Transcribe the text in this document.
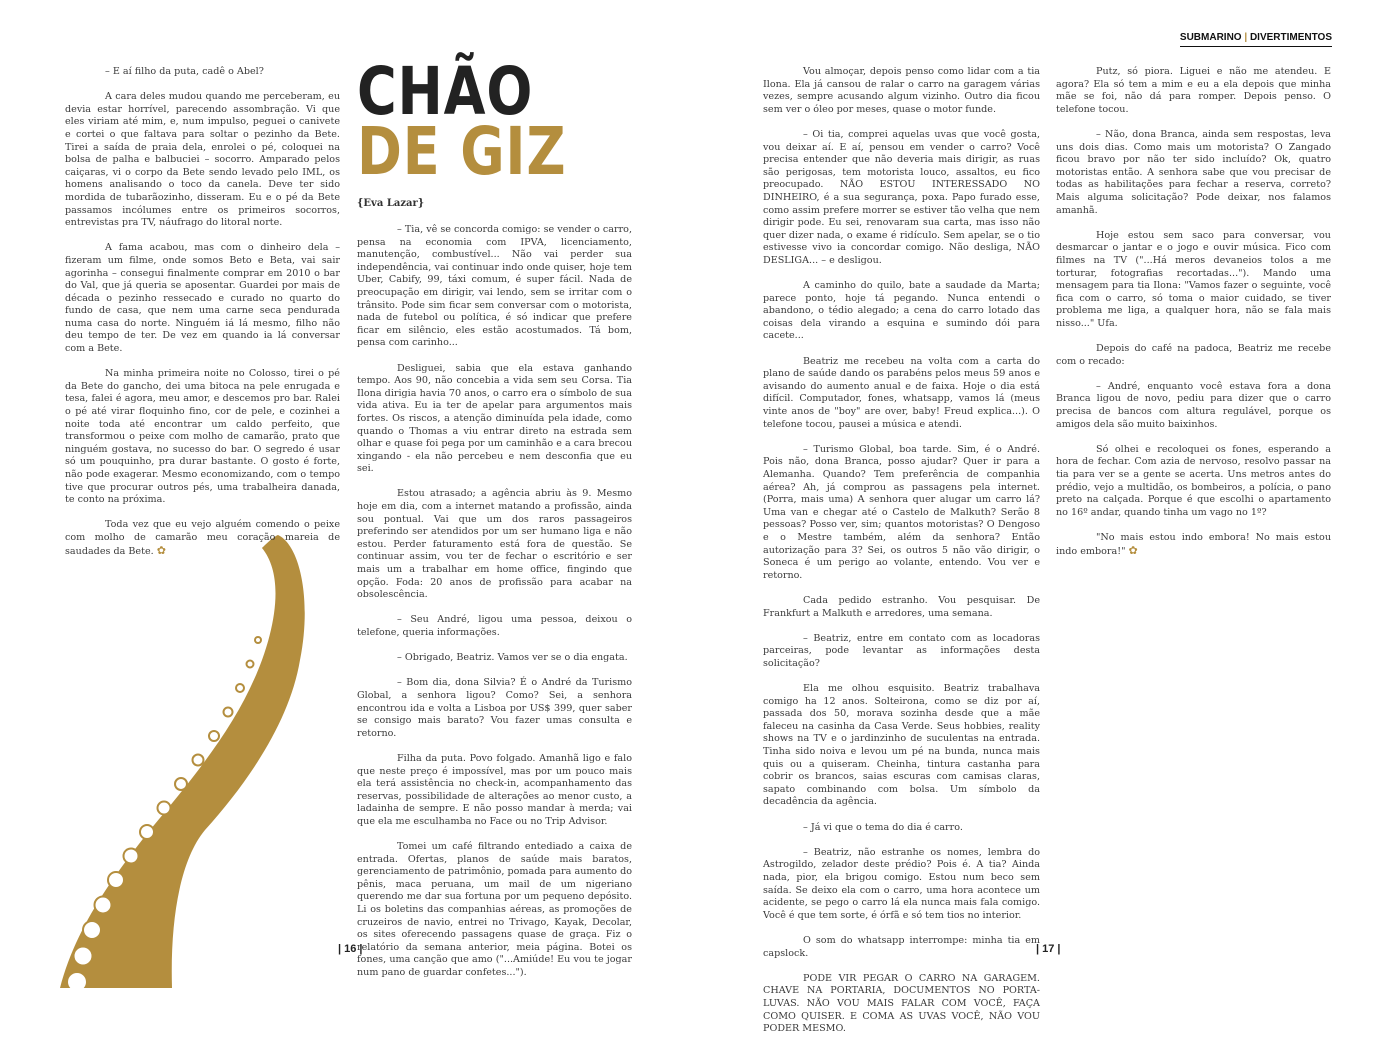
– E aí filho da puta, cadê o Abel?

A cara deles mudou quando me perceberam, eu devia estar horrível, parecendo assombração. Vi que eles viriam até mim, e, num impulso, peguei o canivete e cortei o que faltava para soltar o pezinho da Bete. Tirei a saída de praia dela, enrolei o pé, coloquei na bolsa de palha e balbuciei – socorro. Amparado pelos caiçaras, vi o corpo da Bete sendo levado pelo IML, os homens analisando o toco da canela. Deve ter sido mordida de tubarãozinho, disseram. Eu e o pé da Bete passamos incólumes entre os primeiros socorros, entrevistas pra TV, náufrago do litoral norte.

A fama acabou, mas com o dinheiro dela – fizeram um filme, onde somos Beto e Beta, vai sair agorinha – consegui finalmente comprar em 2010 o bar do Val, que já queria se aposentar. Guardei por mais de década o pezinho ressecado e curado no quarto do fundo de casa, que nem uma carne seca pendurada numa casa do norte. Ninguém iá lá mesmo, filho não deu tempo de ter. De vez em quando ia lá conversar com a Bete.

Na minha primeira noite no Colosso, tirei o pé da Bete do gancho, dei uma bitoca na pele enrugada e tesa, falei é agora, meu amor, e descemos pro bar. Ralei o pé até virar floquinho fino, cor de pele, e cozinhei a noite toda até encontrar um caldo perfeito, que transformou o peixe com molho de camarão, prato que ninguém gostava, no sucesso do bar. O segredo é usar só um pouquinho, pra durar bastante. O gosto é forte, não pode exagerar. Mesmo economizando, com o tempo tive que procurar outros pés, uma trabalheira danada, te conto na próxima.

Toda vez que eu vejo alguém comendo o peixe com molho de camarão meu coração mareia de saudades da Bete. ✿

CHÃO
DE GIZ
{Eva Lazar}

– Tia, vê se concorda comigo: se vender o carro, pensa na economia com IPVA, licenciamento, manutenção, combustível... Não vai perder sua independência, vai continuar indo onde quiser, hoje tem Uber, Cabify, 99, táxi comum, é super fácil. Nada de preocupação em dirigir, vai lendo, sem se irritar com o trânsito. Pode sim ficar sem conversar com o motorista, nada de futebol ou política, é só indicar que prefere ficar em silêncio, eles estão acostumados. Tá bom, pensa com carinho...

Desliguei, sabia que ela estava ganhando tempo. Aos 90, não concebia a vida sem seu Corsa. Tia Ilona dirigia havia 70 anos, o carro era o símbolo de sua vida ativa. Eu ia ter de apelar para argumentos mais fortes. Os riscos, a atenção diminuída pela idade, como quando o Thomas a viu entrar direto na estrada sem olhar e quase foi pega por um caminhão e a cara brecou xingando - ela não percebeu e nem desconfia que eu sei.

Estou atrasado; a agência abriu às 9. Mesmo hoje em dia, com a internet matando a profissão, ainda sou pontual. Vai que um dos raros passageiros preferindo ser atendidos por um ser humano liga e não estou. Perder faturamento está fora de questão. Se continuar assim, vou ter de fechar o escritório e ser mais um a trabalhar em home office, fingindo que opção. Foda: 20 anos de profissão para acabar na obsolescência.

– Seu André, ligou uma pessoa, deixou o telefone, queria informações.

– Obrigado, Beatriz. Vamos ver se o dia engata.

– Bom dia, dona Silvia? É o André da Turismo Global, a senhora ligou? Como? Sei, a senhora encontrou ida e volta a Lisboa por US$ 399, quer saber se consigo mais barato? Vou fazer umas consulta e retorno.

Filha da puta. Povo folgado. Amanhã ligo e falo que neste preço é impossível, mas por um pouco mais ela terá assistência no check-in, acompanhamento das reservas, possibilidade de alterações ao menor custo, a ladainha de sempre. E não posso mandar à merda; vai que ela me esculhamba no Face ou no Trip Advisor.

Tomei um café filtrando entediado a caixa de entrada. Ofertas, planos de saúde mais baratos, gerenciamento de patrimônio, pomada para aumento do pênis, maca peruana, um mail de um nigeriano querendo me dar sua fortuna por um pequeno depósito. Li os boletins das companhias aéreas, as promoções de cruzeiros de navio, entrei no Trivago, Kayak, Decolar, os sites oferecendo passagens quase de graça. Fiz o relatório da semana anterior, meia página. Botei os fones, uma canção que amo ("...Amiúde! Eu vou te jogar num pano de guardar confetes...").

| 16 |
SUBMARINO | DIVERTIMENTOS

Vou almoçar, depois penso como lidar com a tia Ilona. Ela já cansou de ralar o carro na garagem várias vezes, sempre acusando algum vizinho. Outro dia ficou sem ver o óleo por meses, quase o motor funde.

– Oi tia, comprei aquelas uvas que você gosta, vou deixar aí. E aí, pensou em vender o carro? Você precisa entender que não deveria mais dirigir, as ruas são perigosas, tem motorista louco, assaltos, eu fico preocupado. NÃO ESTOU INTERESSADO NO DINHEIRO, é a sua segurança, poxa. Papo furado esse, como assim prefere morrer se estiver tão velha que nem dirigir pode. Eu sei, renovaram sua carta, mas isso não quer dizer nada, o exame é ridículo. Sem apelar, se o tio estivesse vivo ia concordar comigo. Não desliga, NÃO DESLIGA... – e desligou.

A caminho do quilo, bate a saudade da Marta; parece ponto, hoje tá pegando. Nunca entendi o abandono, o tédio alegado; a cena do carro lotado das coisas dela virando a esquina e sumindo dói para cacete...

Beatriz me recebeu na volta com a carta do plano de saúde dando os parabéns pelos meus 59 anos e avisando do aumento anual e de faixa. Hoje o dia está difícil. Computador, fones, whatsapp, vamos lá (meus vinte anos de "boy" are over, baby! Freud explica...). O telefone tocou, pausei a música e atendi.

– Turismo Global, boa tarde. Sim, é o André. Pois não, dona Branca, posso ajudar? Quer ir para a Alemanha. Quando? Tem preferência de companhia aérea? Ah, já comprou as passagens pela internet. (Porra, mais uma) A senhora quer alugar um carro lá? Uma van e chegar até o Castelo de Malkuth? Serão 8 pessoas? Posso ver, sim; quantos motoristas? O Dengoso e o Mestre também, além da senhora? Então autorização para 3? Sei, os outros 5 não vão dirigir, o Soneca é um perigo ao volante, entendo. Vou ver e retorno.

Cada pedido estranho. Vou pesquisar. De Frankfurt a Malkuth e arredores, uma semana.

– Beatriz, entre em contato com as locadoras parceiras, pode levantar as informações desta solicitação?

Ela me olhou esquisito. Beatriz trabalhava comigo ha 12 anos. Solteirona, como se diz por aí, passada dos 50, morava sozinha desde que a mãe faleceu na casinha da Casa Verde. Seus hobbies, reality shows na TV e o jardinzinho de suculentas na entrada. Tinha sido noiva e levou um pé na bunda, nunca mais quis ou a quiseram. Cheinha, tintura castanha para cobrir os brancos, saias escuras com camisas claras, sapato combinando com bolsa. Um símbolo da decadência da agência.

– Já vi que o tema do dia é carro.

– Beatriz, não estranhe os nomes, lembra do Astrogildo, zelador deste prédio? Pois é. A tia? Ainda nada, pior, ela brigou comigo. Estou num beco sem saída. Se deixo ela com o carro, uma hora acontece um acidente, se pego o carro lá ela nunca mais fala comigo. Você é que tem sorte, é órfã e só tem tios no interior.

O som do whatsapp interrompe: minha tia em capslock.

PODE VIR PEGAR O CARRO NA GARAGEM. CHAVE NA PORTARIA, DOCUMENTOS NO PORTA-LUVAS. NÃO VOU MAIS FALAR COM VOCÊ, FAÇA COMO QUISER. E COMA AS UVAS VOCÊ, NÃO VOU PODER MESMO.

Putz, só piora. Liguei e não me atendeu. E agora? Ela só tem a mim e eu a ela depois que minha mãe se foi, não dá para romper. Depois penso. O telefone tocou.

– Não, dona Branca, ainda sem respostas, leva uns dois dias. Como mais um motorista? O Zangado ficou bravo por não ter sido incluído? Ok, quatro motoristas então. A senhora sabe que vou precisar de todas as habilitações para fechar a reserva, correto? Mais alguma solicitação? Pode deixar, nos falamos amanhã.

Hoje estou sem saco para conversar, vou desmarcar o jantar e o jogo e ouvir música. Fico com filmes na TV ("...Há meros devaneios tolos a me torturar, fotografias recortadas..."). Mando uma mensagem para tia Ilona: "Vamos fazer o seguinte, você fica com o carro, só toma o maior cuidado, se tiver problema me liga, a qualquer hora, não se fala mais nisso..." Ufa.

Depois do café na padoca, Beatriz me recebe com o recado:

– André, enquanto você estava fora a dona Branca ligou de novo, pediu para dizer que o carro precisa de bancos com altura regulável, porque os amigos dela são muito baixinhos.

Só olhei e recoloquei os fones, esperando a hora de fechar. Com azia de nervoso, resolvo passar na tia para ver se a gente se acerta. Uns metros antes do prédio, vejo a multidão, os bombeiros, a polícia, o pano preto na calçada. Porque é que escolhi o apartamento no 16º andar, quando tinha um vago no 1º?

"No mais estou indo embora! No mais estou indo embora!" ✿

| 17 |
